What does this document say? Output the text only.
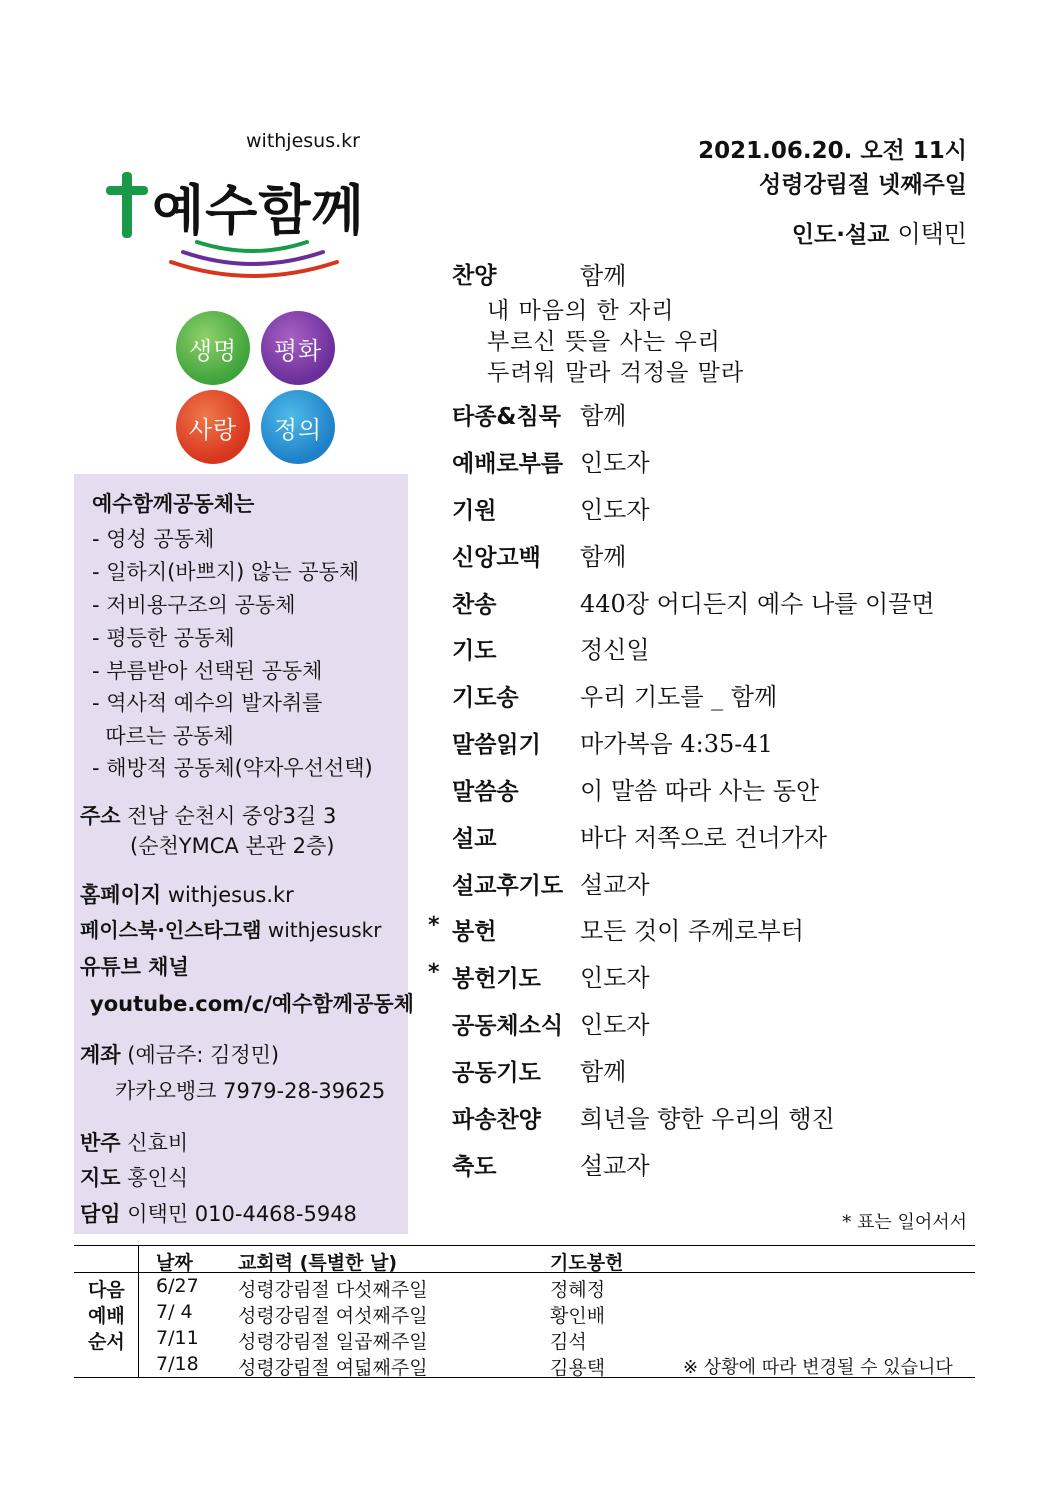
withjesus.kr
예수함께
생명	평화
사랑	정의
예수함께공동체는
- 영성 공동체
- 일하지(바쁘지) 않는 공동체
- 저비용구조의 공동체
- 평등한 공동체
- 부름받아 선택된 공동체
- 역사적 예수의 발자취를
따르는 공동체
- 해방적 공동체(약자우선선택)
주소 전남 순천시 중앙3길 3
(순천YMCA 본관 2층)
홈페이지 withjesus.kr
페이스북·인스타그램 withjesuskr
유튜브 채널
youtube.com/c/예수함께공동체
계좌 (예금주: 김정민)
카카오뱅크 7979-28-39625
반주 신효비
지도 홍인식
담임 이택민 010-4468-5948
2021.06.20. 오전 11시
성령강림절 넷째주일
인도·설교 이택민
찬양	함께
내 마음의 한 자리
부르신 뜻을 사는 우리
두려워 말라 걱정을 말라
타종&침묵 함께
예배로부름 인도자
기원	인도자
신앙고백 함께
찬송	440장 어디든지 예수 나를 이끌면
기도	정신일
기도송	우리 기도를 _ 함께
말씀읽기 마가복음 4:35-41
말씀송	이 말씀 따라 사는 동안
설교	바다 저쪽으로 건너가자
설교후기도 설교자
* 봉헌	모든 것이 주께로부터
* 봉헌기도 인도자
공동체소식 인도자
공동기도 함께
파송찬양 희년을 향한 우리의 행진
축도	설교자
* 표는 일어서서
날짜 교회력 (특별한 날)	기도봉헌
다음
예배
순서
6/27 성령강림절 다섯째주일	정혜정
7/ 4 성령강림절 여섯째주일	황인배
7/11 성령강림절 일곱째주일	김석
7/18 성령강림절 여덟째주일	김용택	※ 상황에 따라 변경될 수 있습니다
